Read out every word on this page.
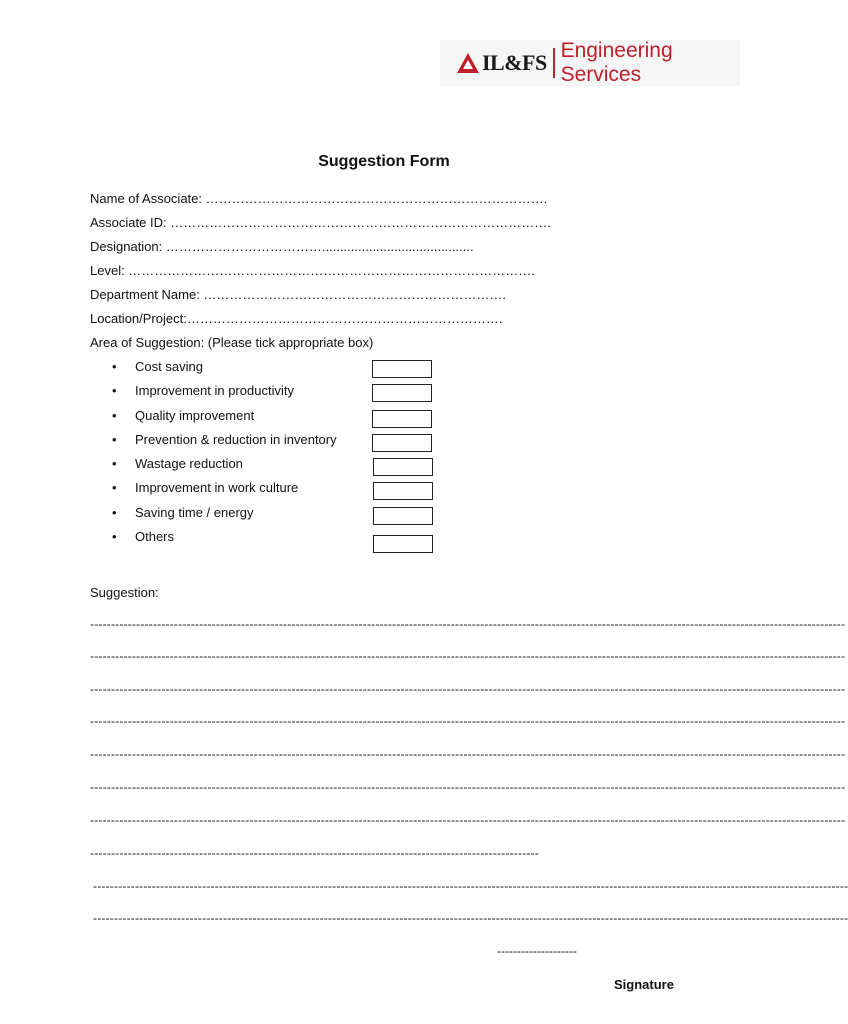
IL&FS Engineering Services
Suggestion Form
Name of Associate: …………………………………………………………………….
Associate ID: …………………………………………………………………………….
Designation: ………………………………..........................................
Level: ………………………………………………………………………………….
Department Name: …………………………………………………………….
Location/Project:……………………………………………………………….
Area of Suggestion: (Please tick appropriate box)
• Cost saving
• Improvement in productivity
• Quality improvement
• Prevention & reduction in inventory
• Wastage reduction
• Improvement in work culture
• Saving time / energy
• Others
Suggestion:
------------------------------------------------------------------------------------------------------------------------------------------------------------------------------------
------------------------------------------------------------------------------------------------------------------------------------------------------------------------------------
------------------------------------------------------------------------------------------------------------------------------------------------------------------------------------
------------------------------------------------------------------------------------------------------------------------------------------------------------------------------------
------------------------------------------------------------------------------------------------------------------------------------------------------------------------------------
------------------------------------------------------------------------------------------------------------------------------------------------------------------------------------
------------------------------------------------------------------------------------------------------------------------------------------------------------------------------------
-----------------------------------------------------------------------------------------------------------
------------------------------------------------------------------------------------------------------------------------------------------------------------------------------------
------------------------------------------------------------------------------------------------------------------------------------------------------------------------------------
--------------------
Signature
